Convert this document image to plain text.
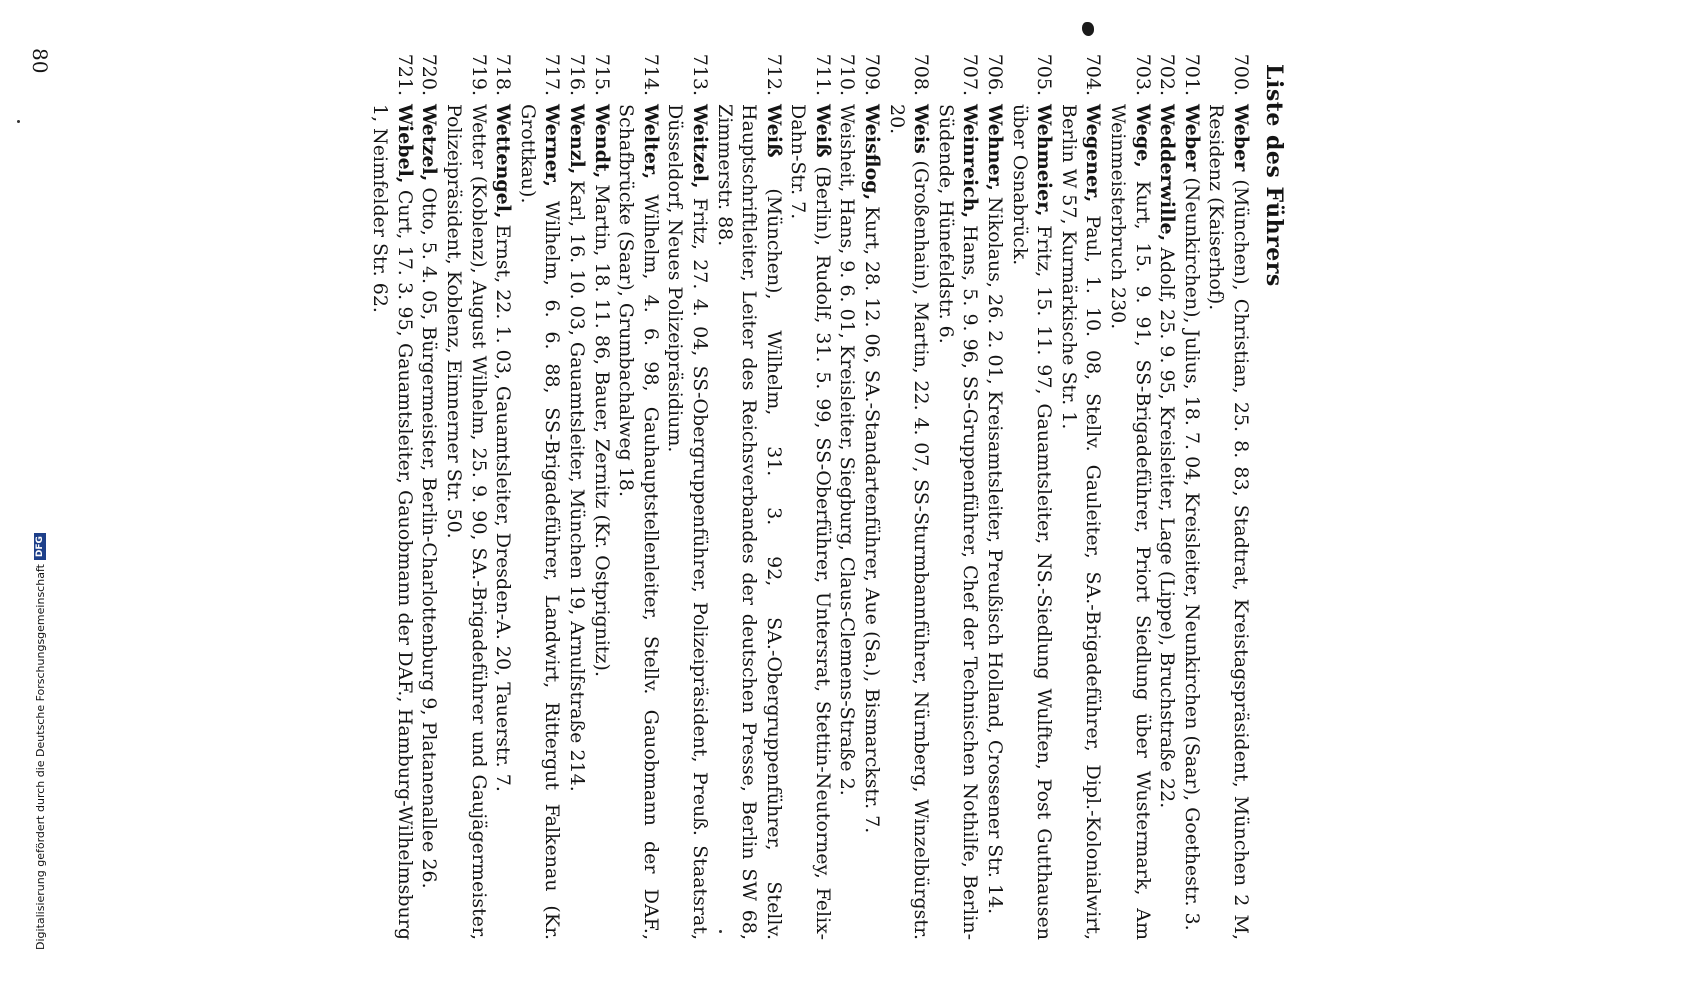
Liste des Führers
700.
Weber (München), Christian, 25. 8. 83, Stadtrat, Kreistagspräsident, München 2 M, Residenz (Kaiserhof).
701.
Weber (Neunkirchen), Julius, 18. 7. 04, Kreisleiter, Neunkirchen (Saar), Goethestr. 3.
702.
Wedderwille, Adolf, 25. 9. 95, Kreisleiter, Lage (Lippe), Bruchstraße 22.
703.
Wege, Kurt, 15. 9. 91, SS-Brigadeführer, Priort Siedlung über Wustermark, Am Weinmeisterbruch 230.
704.
Wegener, Paul, 1. 10. 08, Stellv. Gauleiter, SA.-Brigadeführer, Dipl.-Kolonialwirt, Berlin W 57, Kurmärkische Str. 1.
705.
Wehmeier, Fritz, 15. 11. 97, Gauamtsleiter, NS.-Siedlung Wulften, Post Gutthausen über Osnabrück.
706.
Wehner, Nikolaus, 26. 2. 01, Kreisamtsleiter, Preußisch Holland, Crossener Str. 14.
707.
Weinreich, Hans, 5. 9. 96, SS-Gruppenführer, Chef der Technischen Nothilfe, Berlin-Südende, Hünefeldstr. 6.
708.
Weis (Großenhain), Martin, 22. 4. 07, SS-Sturmbannführer, Nürnberg, Winzelbürgstr. 20.
709.
Weisflog, Kurt, 28. 12. 06, SA.-Standartenführer, Aue (Sa.), Bismarckstr. 7.
710.
Weisheit, Hans, 9. 6. 01, Kreisleiter, Siegburg, Claus-Clemens-Straße 2.
711.
Weiß (Berlin), Rudolf, 31. 5. 99, SS-Oberführer, Untersrat, Stettin-Neutorney, Felix-Dahn-Str. 7.
712.
Weiß (München), Wilhelm, 31. 3. 92, SA.-Obergruppenführer, Stellv. Hauptschriftleiter, Leiter des Reichsverbandes der deutschen Presse, Berlin SW 68, Zimmerstr. 88.
713.
Weitzel, Fritz, 27. 4. 04, SS-Obergruppenführer, Polizeipräsident, Preuß. Staatsrat, Düsseldorf, Neues Polizeipräsidium.
714.
Welter, Wilhelm, 4. 6. 98, Gauhauptstellenleiter, Stellv. Gauobmann der DAF., Schafbrücke (Saar), Grumbachalweg 18.
715.
Wendt, Martin, 18. 11. 86, Bauer, Zernitz (Kr. Ostprignitz).
716.
Wenzl, Karl, 16. 10. 03, Gauamtsleiter, München 19, Arnulfstraße 214.
717.
Werner, Wilhelm, 6. 6. 88, SS-Brigadeführer, Landwirt, Rittergut Falkenau (Kr. Grottkau).
718.
Wettengel, Ernst, 22. 1. 03, Gauamtsleiter, Dresden-A. 20, Tauerstr. 7.
719.
Wetter (Koblenz), August Wilhelm, 25. 9. 90, SA.-Brigadeführer und Gaujägermeister, Polizeipräsident, Koblenz, Eimnerner Str. 50.
720.
Wetzel, Otto, 5. 4. 05, Bürgermeister, Berlin-Charlottenburg 9, Platanenallee 26.
721.
Wiebel, Curt, 17. 3. 95, Gauamtsleiter, Gauobmann der DAF., Hamburg-Wilhelmsburg 1, Neimfelder Str. 62.
80
Digitalisierung gefördert durch die Deutsche Forschungsgemeinschaft
DFG
